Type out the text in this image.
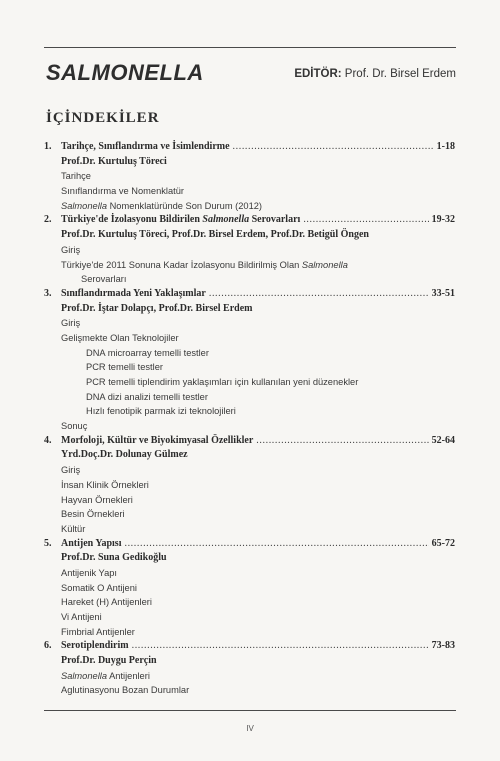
SALMONELLA	EDİTÖR: Prof. Dr. Birsel Erdem
İÇİNDEKİLER
1. Tarihçe, Sınıflandırma ve İsimlendirme .....	1-18
Prof.Dr. Kurtuluş Töreci
Tarihçe
Sınıflandırma ve Nomenklatür
Salmonella Nomenklatüründe Son Durum (2012)
2. Türkiye'de İzolasyonu Bildirilen Salmonella Serovarları .....	19-32
Prof.Dr. Kurtuluş Töreci, Prof.Dr. Birsel Erdem, Prof.Dr. Betigül Öngen
Giriş
Türkiye'de 2011 Sonuna Kadar İzolasyonu Bildirilmiş Olan Salmonella
Serovarları
3. Sınıflandırmada Yeni Yaklaşımlar .....	33-51
Prof.Dr. İştar Dolapçı, Prof.Dr. Birsel Erdem
Giriş
Gelişmekte Olan Teknolojiler
DNA microarray temelli testler
PCR temelli testler
PCR temelli tiplendirim yaklaşımları için kullanılan yeni düzenekler
DNA dizi analizi temelli testler
Hızlı fenotipik parmak izi teknolojileri
Sonuç
4. Morfoloji, Kültür ve Biyokimyasal Özellikler .....	52-64
Yrd.Doç.Dr. Dolunay Gülmez
Giriş
İnsan Klinik Örnekleri
Hayvan Örnekleri
Besin Örnekleri
Kültür
5. Antijen Yapısı .....	65-72
Prof.Dr. Suna Gedikoğlu
Antijenik Yapı
Somatik O Antijeni
Hareket (H) Antijenleri
Vi Antijeni
Fimbrial Antijenler
6. Serotiplendirim .....	73-83
Prof.Dr. Duygu Perçin
Salmonella Antijenleri
Aglutinasyonu Bozan Durumlar
IV
